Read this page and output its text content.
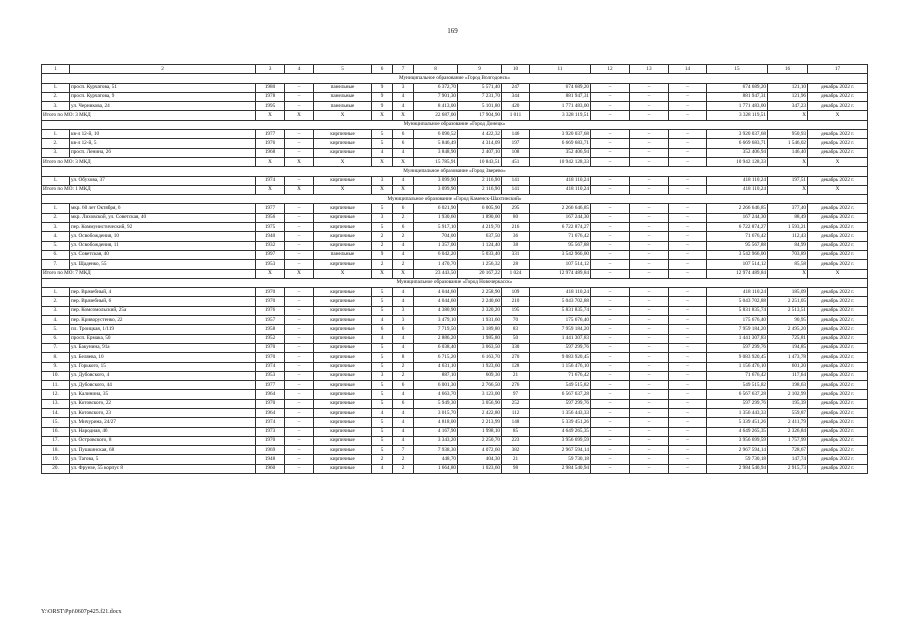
169
1	2	3	4	5	6	7	8	9	10	11	12	13	14	15	16	17
Муниципальное образование «Город Волгодонск»																
1.	просп. Курчатова, 51	1980	–	панельные	9	3	6 372,70	5 571,40	247	674 689,20	–	–	–	674 689,20	121,10	декабрь 2022 г.
2.	просп. Курчатова, 9	1978	–	панельные	9	4	7 901,30	7 231,70	344	881 947,31	–	–	–	881 947,31	121,96	декабрь 2022 г.
3.	ул. Черникова, 24	1995	–	панельные	9	4	8 413,00	5 101,80	420	1 771 483,00	–	–	–	1 771 483,00	347,23	декабрь 2022 г.
Итого по МО: 3 МКД		X	X	X	X	X	22 687,00	17 904,90	1 011	3 328 119,51	–	–	–	3 328 119,51	X	X
Муниципальное образование «Город Донецк»																
1.	кв-л 12-й, 10	1977	–	кирпичные	5	6	6 090,52	4 422,32	146	3 920 037,68	–	–	–	3 920 037,68	950,93	декабрь 2022 г.
2.	кв-л 12-й, 5	1976	–	кирпичные	5	6	5 846,49	4 314,09	197	6 669 683,71	–	–	–	6 669 683,71	1 546,02	декабрь 2022 г.
3.	просп. Ленина, 26	1968	–	кирпичные	4	4	3 848,90	2 407,10	108	352 406,94	–	–	–	352 406,94	146,40	декабрь 2022 г.
Итого по МО: 3 МКД		X	X	X	X	X	15 785,91	10 843,51	451	10 942 128,33	–	–	–	10 942 128,33	X	X
Муниципальное образование «Город Зверево»																
1.	ул. Обухова, 37	1974	–	кирпичные	3	4	3 099,90	2 116,90	141	418 110,24	–	–	–	418 110,24	197,51	декабрь 2022 г.
Итого по МО: 1 МКД		X	X	X	X	X	3 099,90	2 116,90	141	418 110,24	–	–	–	418 110,24	X	X
Муниципальное образование «Город Каменск-Шахтинский»																
1.	мкр. 60 лет Октября, 6	1977	–	кирпичные	5	6	6 021,90	6 005,90	295	2 266 646,85	–	–	–	2 266 646,85	377,40	декабрь 2022 г.
2.	мкр. Лиховской, ул. Советская, 40	1956	–	кирпичные	3	2	1 930,60	1 890,00	80	167 244,30	–	–	–	167 244,30	88,49	декабрь 2022 г.
3.	пер. Коммунистический, 92	1975	–	кирпичные	5	6	5 917,10	4 219,70	216	6 722 874,27	–	–	–	6 722 874,27	1 593,21	декабрь 2022 г.
4.	ул. Освобождения, 10	1940	–	кирпичные	2	2	704,00	637,50	36	71 676,42	–	–	–	71 676,42	112,43	декабрь 2022 г.
5.	ул. Освобождения, 11	1932	–	кирпичные	2	4	1 357,00	1 124,40	38	95 567,88	–	–	–	95 567,88	84,99	декабрь 2022 г.
6.	ул. Советская, 40	1997	–	панельные	9	4	6 042,20	5 033,40	331	3 542 966,00	–	–	–	3 542 966,00	703,89	декабрь 2022 г.
7.	ул. Щаденко, 55	1953	–	кирпичные	2	2	1 470,70	1 256,32	28	107 514,12	–	–	–	107 514,12	85,58	декабрь 2022 г.
Итого по МО: 7 МКД		X	X	X	X	X	23 443,50	20 167,22	1 024	12 974 489,84	–	–	–	12 974 489,84	X	X
Муниципальное образование «Город Новочеркасск»																
1.	пер. Врачебный, 4	1970	–	кирпичные	5	4	4 044,60	2 258,90	109	418 110,24	–	–	–	418 110,24	185,09	декабрь 2022 г.
2.	пер. Врачебный, 6	1970	–	кирпичные	5	4	4 044,60	2 240,60	210	5 043 702,88	–	–	–	5 043 702,88	2 251,05	декабрь 2022 г.
3.	пер. Комсомольский, 25а	1976	–	кирпичные	5	3	4 380,90	2 320,20	195	5 831 835,74	–	–	–	5 831 835,74	2 513,51	декабрь 2022 г.
4.	пер. Криворустенко, 22	1957	–	кирпичные	4	3	3 479,10	1 931,60	70	175 676,40	–	–	–	175 676,40	90,95	декабрь 2022 г.
5.	пл. Троицкая, 1/119	1958	–	кирпичные	6	6	7 719,50	3 189,80	83	7 959 184,20	–	–	–	7 959 184,20	2 495,20	декабрь 2022 г.
6.	просп. Ермака, 50	1952	–	кирпичные	4	4	2 886,20	1 985,80	50	1 441 307,83	–	–	–	1 441 307,83	725,81	декабрь 2022 г.
7.	ул. Бакунина, 91а	1970	–	кирпичные	5	4	6 038,40	3 063,50	330	597 299,76	–	–	–	597 299,76	194,85	декабрь 2022 г.
8.	ул. Беляева, 10	1970	–	кирпичные	5	8	6 715,20	6 163,70	270	9 083 920,45	–	–	–	9 083 920,45	1 473,78	декабрь 2022 г.
9.	ул. Горького, 15	1974	–	кирпичные	5	2	4 631,10	1 923,60	128	1 156 476,10	–	–	–	1 156 476,10	601,20	декабрь 2022 г.
10.	ул. Дубовского, 4	1953	–	кирпичные	3	2	887,10	609,30	21	71 676,42	–	–	–	71 676,42	117,64	декабрь 2022 г.
11.	ул. Дубовского, 44	1977	–	кирпичные	5	6	6 001,30	2 766,50	276	549 515,82	–	–	–	549 515,82	198,63	декабрь 2022 г.
12.	ул. Калинина, 35	1964	–	кирпичные	5	4	4 663,70	3 123,00	97	6 567 637,28	–	–	–	6 567 637,28	2 102,99	декабрь 2022 г.
13.	ул. Котовского, 22	1970	–	кирпичные	5	6	5 949,30	3 056,90	252	597 299,76	–	–	–	597 299,76	195,39	декабрь 2022 г.
14.	ул. Котовского, 23	1964	–	кирпичные	4	4	3 015,70	2 422,80	112	1 356 443,33	–	–	–	1 356 443,33	559,87	декабрь 2022 г.
15.	ул. Мичурина, 24/27	1974	–	кирпичные	5	4	4 818,00	2 213,99	148	5 339 451,26	–	–	–	5 339 451,26	2 411,79	декабрь 2022 г.
16.	ул. Народная, 46	1973	–	кирпичные	5	4	4 167,90	1 998,10	85	4 649 265,35	–	–	–	4 649 265,35	2 326,84	декабрь 2022 г.
17.	ул. Островского, 8	1970	–	кирпичные	5	4	3 343,20	2 250,70	223	3 956 699,59	–	–	–	3 956 699,59	1 757,99	декабрь 2022 г.
18.	ул. Пушкинская, 68	1969	–	кирпичные	5	7	7 938,30	4 072,60	382	2 967 594,14	–	–	–	2 967 594,14	728,67	декабрь 2022 г.
19.	ул. Тагова, 5	1948	–	кирпичные	2	2	448,70	404,30	21	59 730,18	–	–	–	59 730,18	147,74	декабрь 2022 г.
20.	ул. Фрунзе, 55 корпус 8	1960	–	кирпичные	4	2	1 664,80	1 023,60	98	2 984 540,94	–	–	–	2 984 540,94	2 915,73	декабрь 2022 г.
Y:\ORST\Ppi\0607p425.f21.docx
